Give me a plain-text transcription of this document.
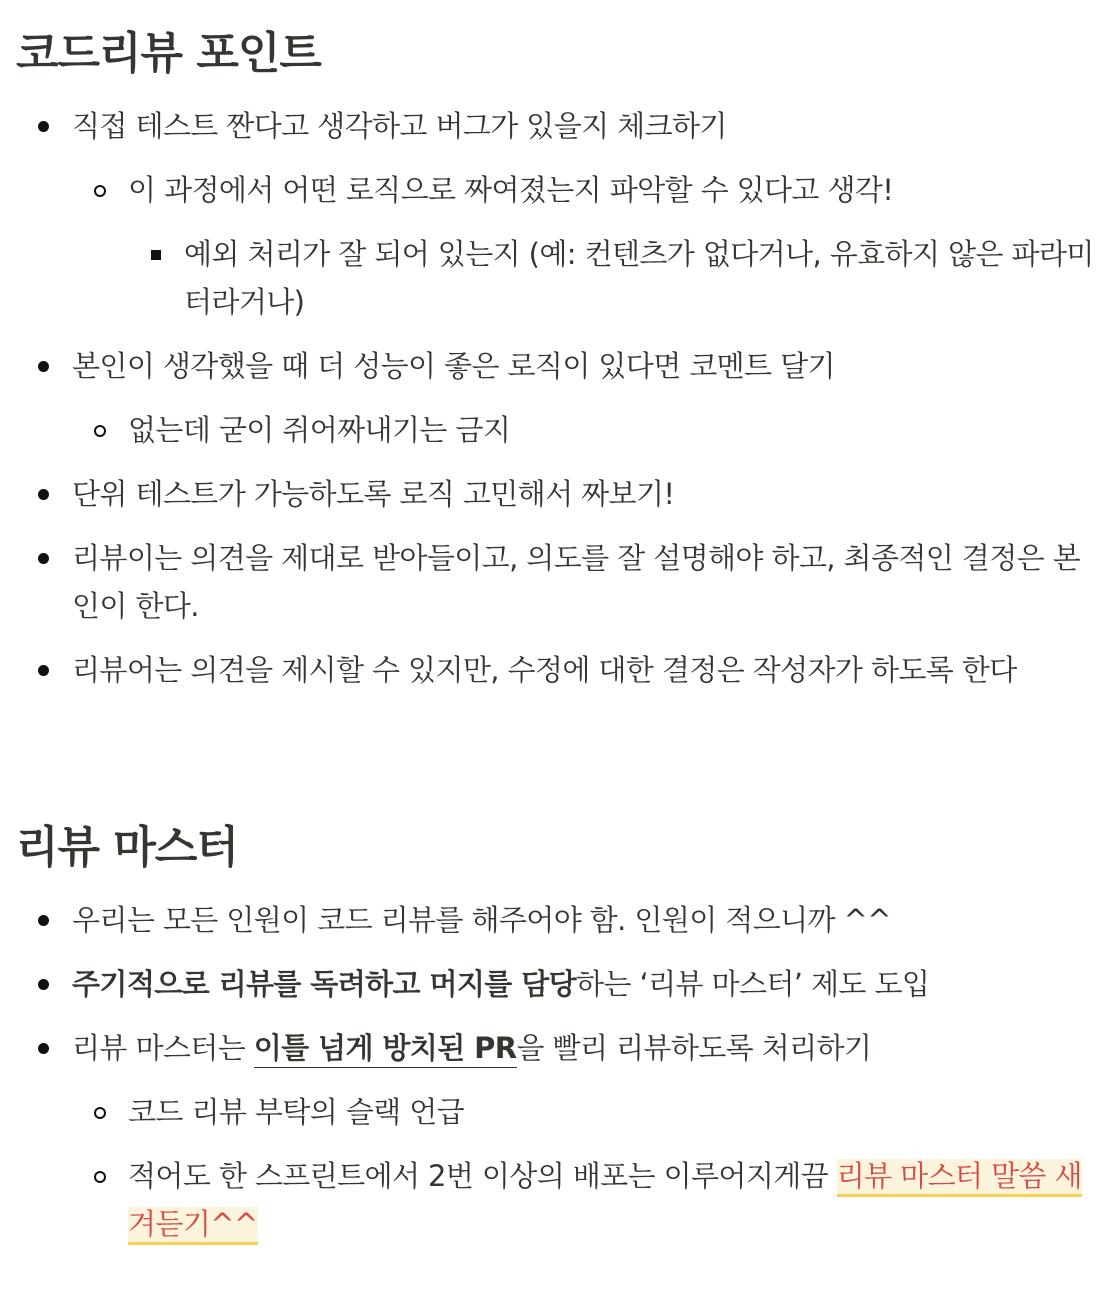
코드리뷰 포인트
직접 테스트 짠다고 생각하고 버그가 있을지 체크하기
이 과정에서 어떤 로직으로 짜여졌는지 파악할 수 있다고 생각!
예외 처리가 잘 되어 있는지 (예: 컨텐츠가 없다거나, 유효하지 않은 파라미터라거나)
본인이 생각했을 때 더 성능이 좋은 로직이 있다면 코멘트 달기
없는데 굳이 쥐어짜내기는 금지
단위 테스트가 가능하도록 로직 고민해서 짜보기!
리뷰이는 의견을 제대로 받아들이고, 의도를 잘 설명해야 하고, 최종적인 결정은 본인이 한다.
리뷰어는 의견을 제시할 수 있지만, 수정에 대한 결정은 작성자가 하도록 한다
리뷰 마스터
우리는 모든 인원이 코드 리뷰를 해주어야 함. 인원이 적으니까 ^^
주기적으로 리뷰를 독려하고 머지를 담당하는 ‘리뷰 마스터’ 제도 도입
리뷰 마스터는 이틀 넘게 방치된 PR을 빨리 리뷰하도록 처리하기
코드 리뷰 부탁의 슬랙 언급
적어도 한 스프린트에서 2번 이상의 배포는 이루어지게끔 리뷰 마스터 말씀 새겨듣기^^
